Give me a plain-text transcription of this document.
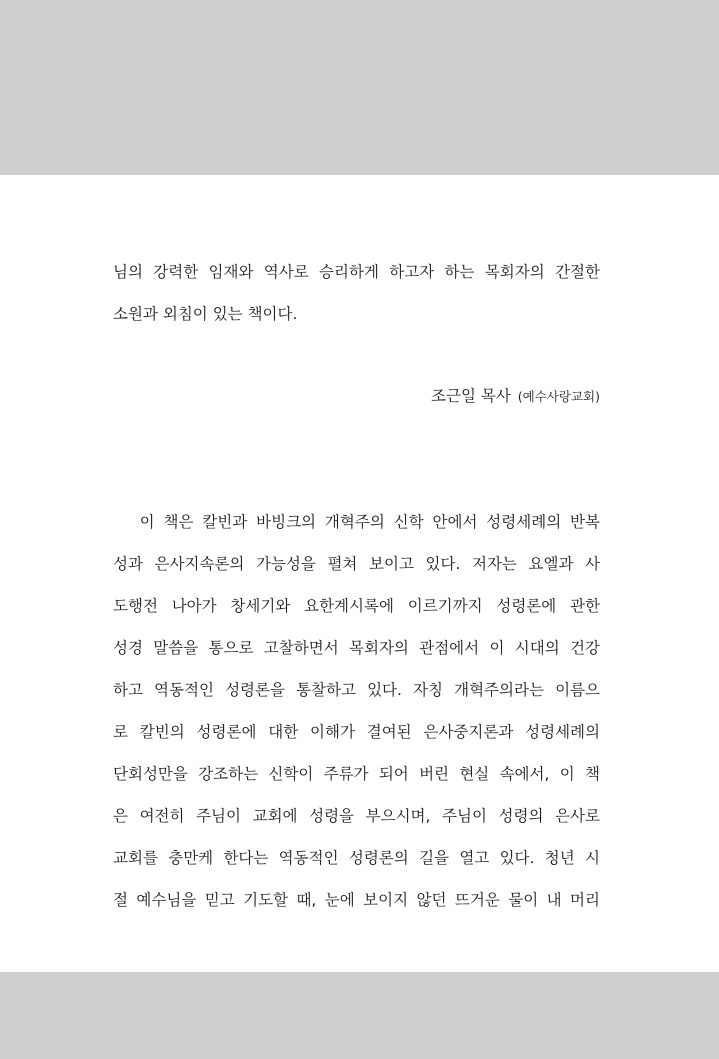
님의 강력한 임재와 역사로 승리하게 하고자 하는 목회자의 간절한
소원과 외침이 있는 책이다.
조근일 목사 (예수사랑교회)
이 책은 칼빈과 바빙크의 개혁주의 신학 안에서 성령세례의 반복
성과 은사지속론의 가능성을 펼쳐 보이고 있다. 저자는 요엘과 사
도행전 나아가 창세기와 요한계시록에 이르기까지 성령론에 관한
성경 말씀을 통으로 고찰하면서 목회자의 관점에서 이 시대의 건강
하고 역동적인 성령론을 통찰하고 있다. 자칭 개혁주의라는 이름으
로 칼빈의 성령론에 대한 이해가 결여된 은사중지론과 성령세례의
단회성만을 강조하는 신학이 주류가 되어 버린 현실 속에서, 이 책
은 여전히 주님이 교회에 성령을 부으시며, 주님이 성령의 은사로
교회를 충만케 한다는 역동적인 성령론의 길을 열고 있다. 청년 시
절 예수님을 믿고 기도할 때, 눈에 보이지 않던 뜨거운 물이 내 머리
